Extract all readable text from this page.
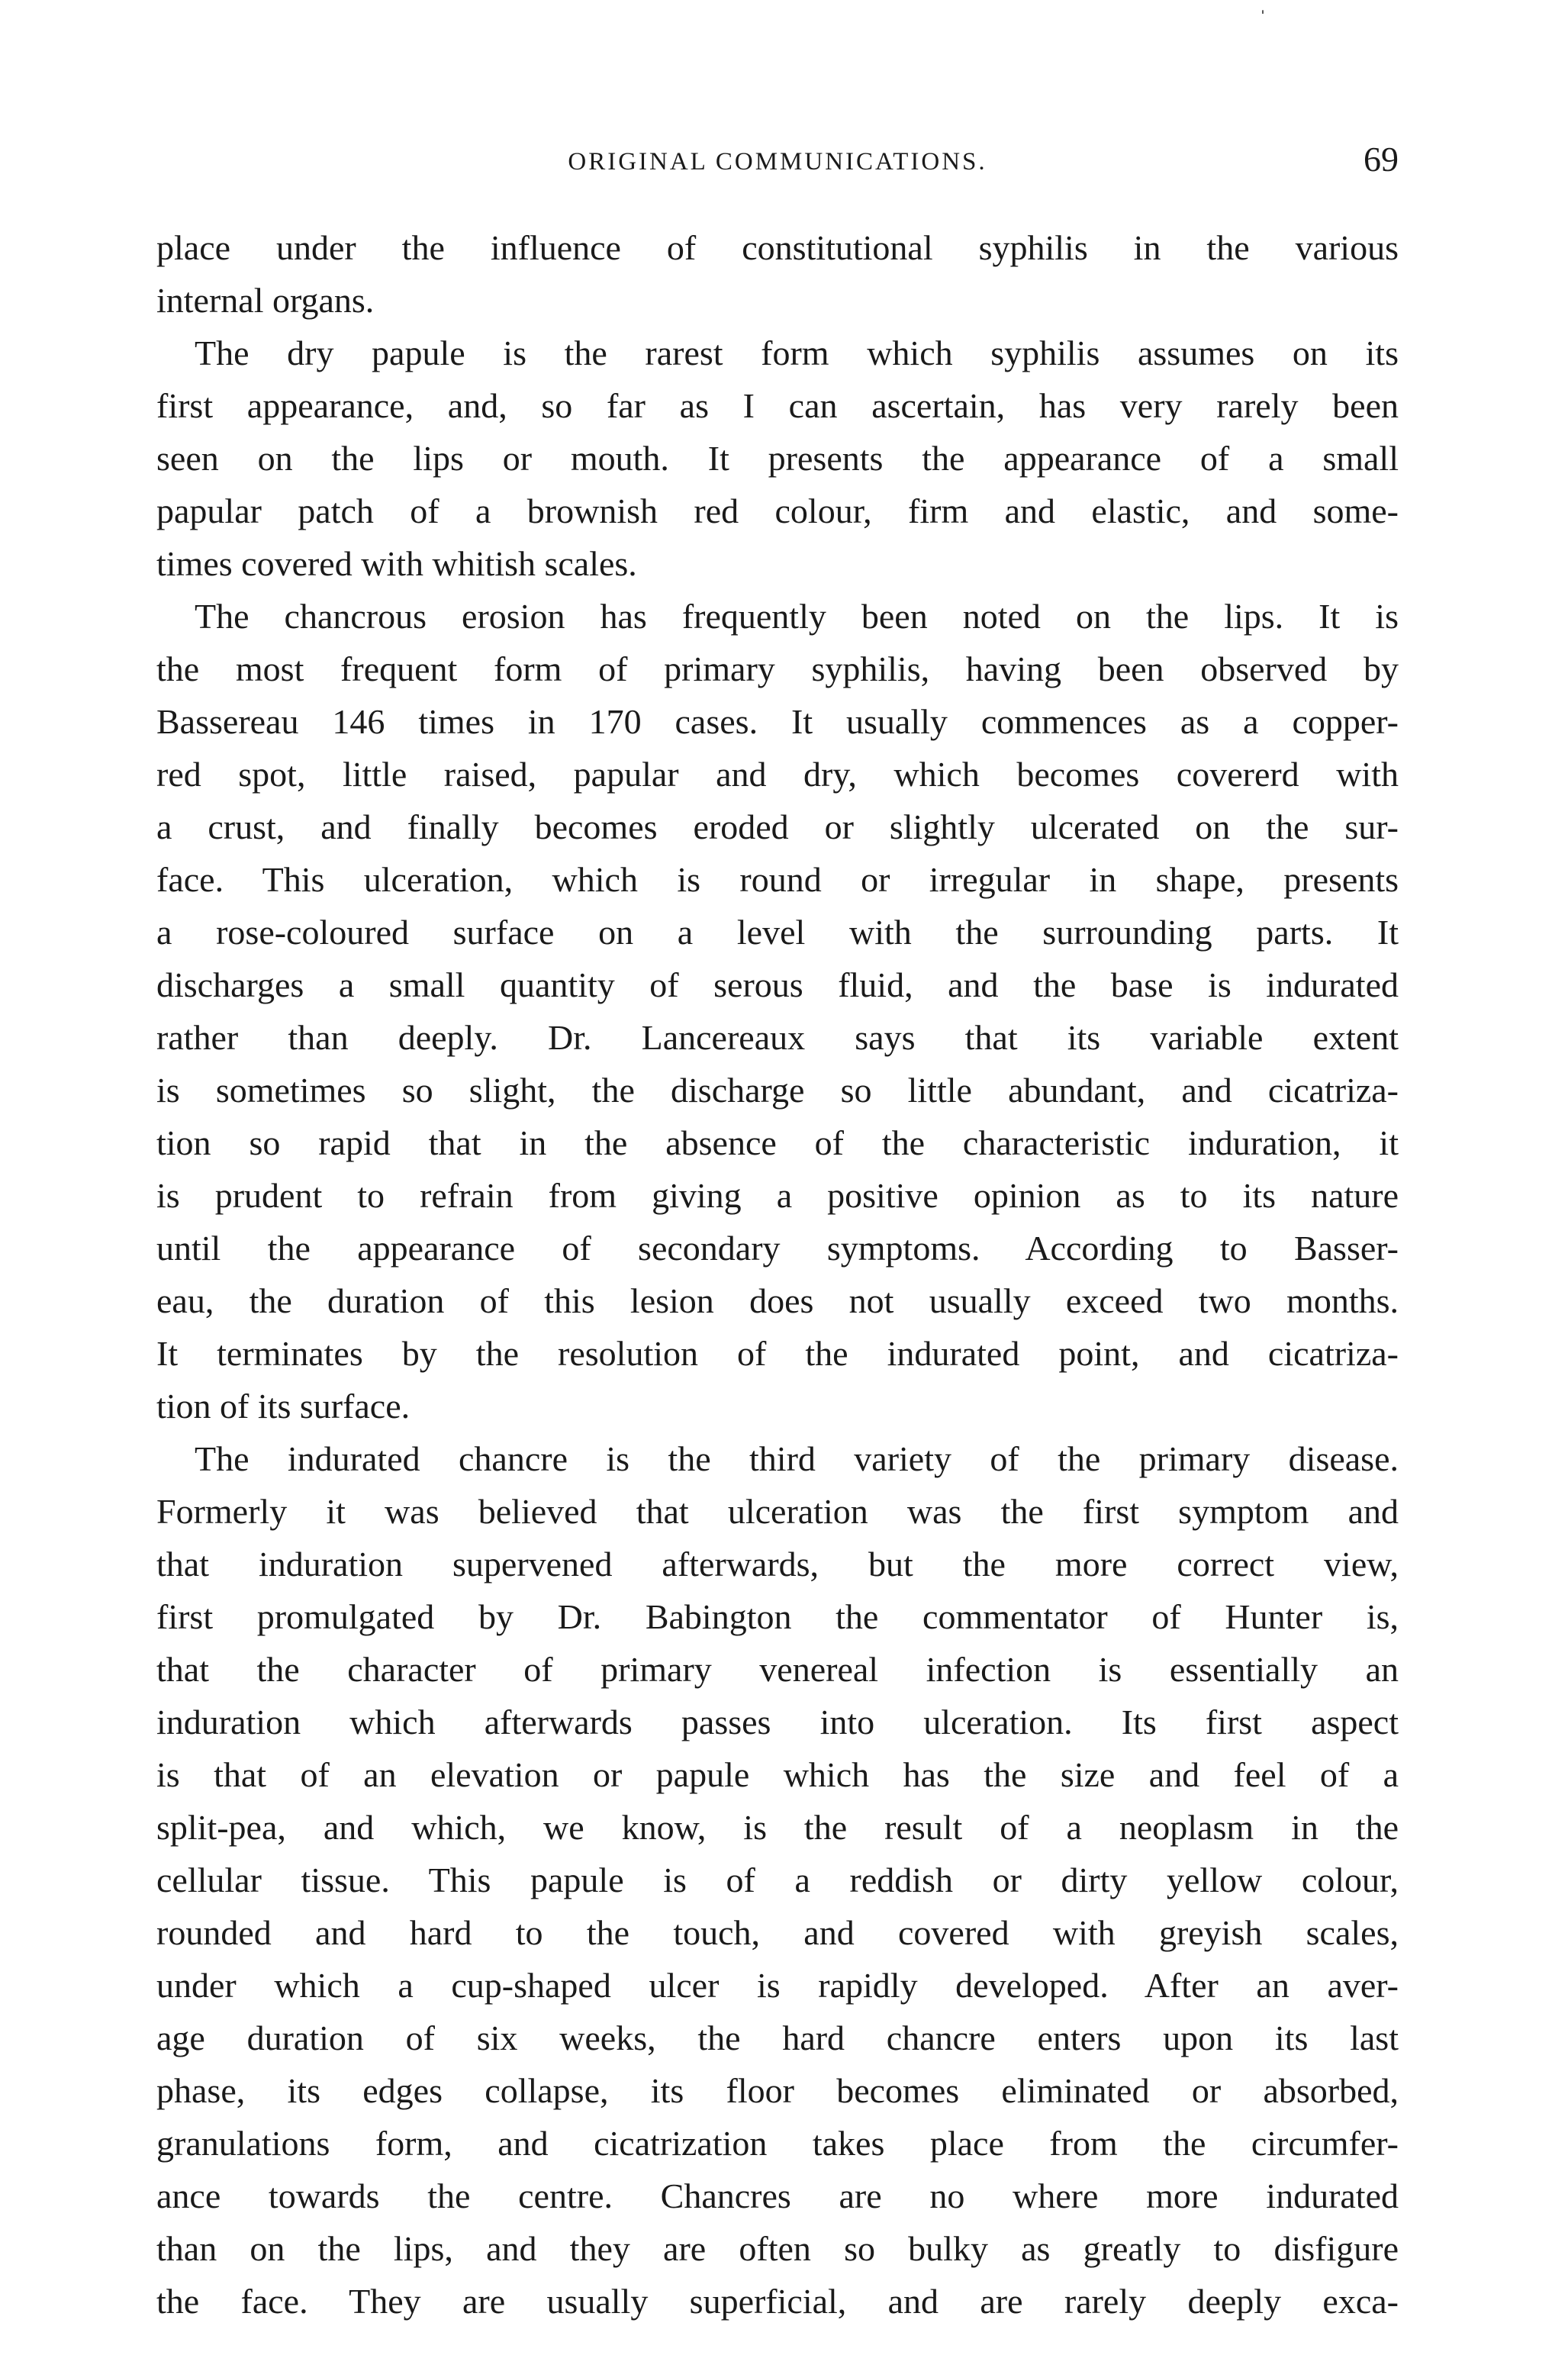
ORIGINAL COMMUNICATIONS.	69
ˈ
place under the influence of constitutional syphilis in the various
internal organs.
The dry papule is the rarest form which syphilis assumes on its
first appearance, and, so far as I can ascertain, has very rarely been
seen on the lips or mouth. It presents the appearance of a small
papular patch of a brownish red colour, firm and elastic, and some-
times covered with whitish scales.
The chancrous erosion has frequently been noted on the lips. It is
the most frequent form of primary syphilis, having been observed by
Bassereau 146 times in 170 cases. It usually commences as a copper-
red spot, little raised, papular and dry, which becomes covererd with
a crust, and finally becomes eroded or slightly ulcerated on the sur-
face. This ulceration, which is round or irregular in shape, presents
a rose-coloured surface on a level with the surrounding parts. It
discharges a small quantity of serous fluid, and the base is indurated
rather than deeply. Dr. Lancereaux says that its variable extent
is sometimes so slight, the discharge so little abundant, and cicatriza-
tion so rapid that in the absence of the characteristic induration, it
is prudent to refrain from giving a positive opinion as to its nature
until the appearance of secondary symptoms. According to Basser-
eau, the duration of this lesion does not usually exceed two months.
It terminates by the resolution of the indurated point, and cicatriza-
tion of its surface.
The indurated chancre is the third variety of the primary disease.
Formerly it was believed that ulceration was the first symptom and
that induration supervened afterwards, but the more correct view,
first promulgated by Dr. Babington the commentator of Hunter is,
that the character of primary venereal infection is essentially an
induration which afterwards passes into ulceration. Its first aspect
is that of an elevation or papule which has the size and feel of a
split-pea, and which, we know, is the result of a neoplasm in the
cellular tissue. This papule is of a reddish or dirty yellow colour,
rounded and hard to the touch, and covered with greyish scales,
under which a cup-shaped ulcer is rapidly developed. After an aver-
age duration of six weeks, the hard chancre enters upon its last
phase, its edges collapse, its floor becomes eliminated or absorbed,
granulations form, and cicatrization takes place from the circumfer-
ance towards the centre. Chancres are no where more indurated
than on the lips, and they are often so bulky as greatly to disfigure
the face. They are usually superficial, and are rarely deeply exca-
